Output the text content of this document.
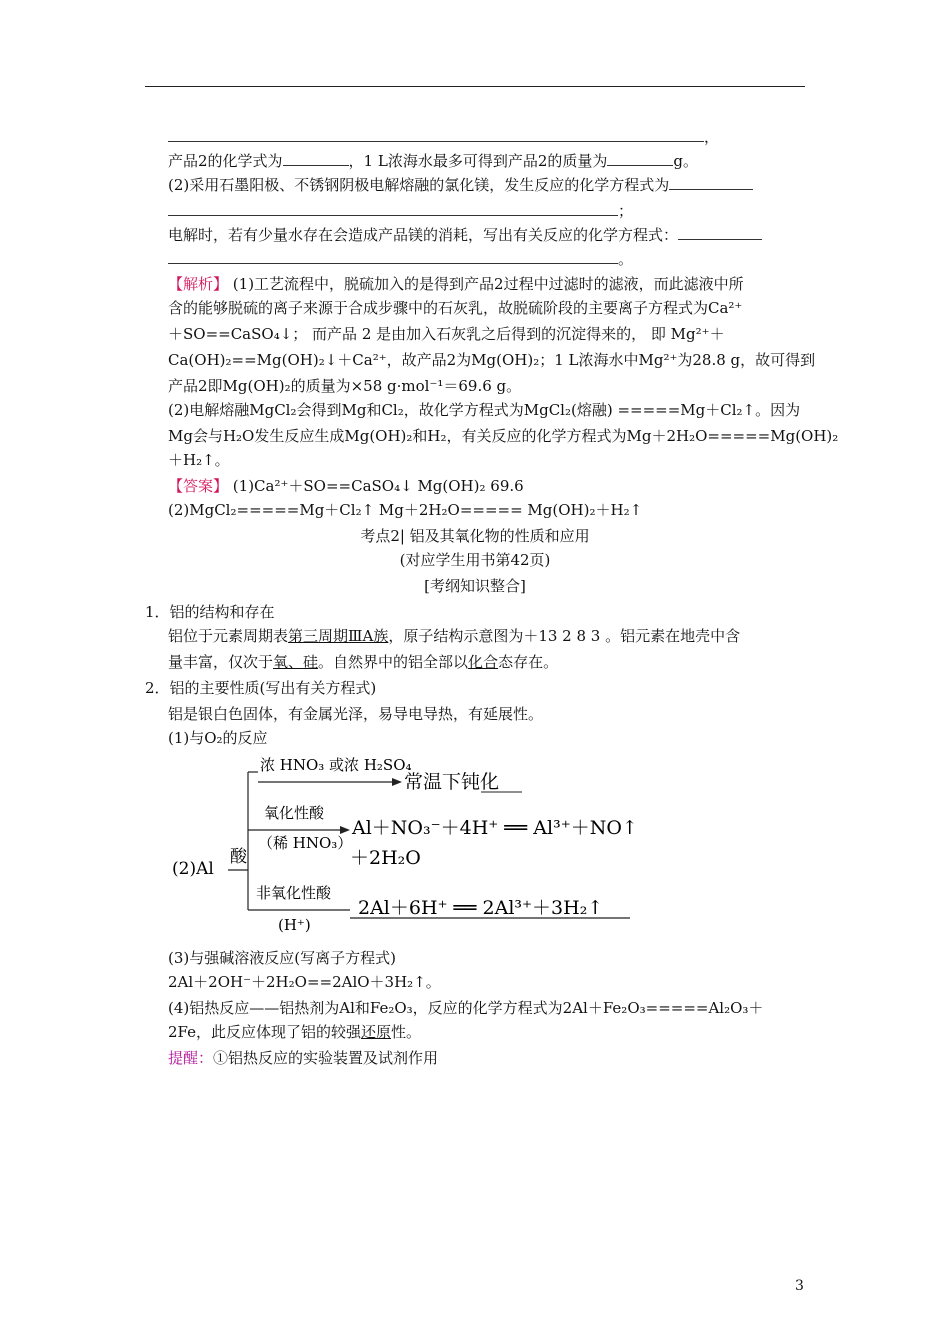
，
产品2的化学式为	，1 L浓海水最多可得到产品2的质量为	g。
(2)采用石墨阳极、不锈钢阴极电解熔融的氯化镁，发生反应的化学方程式为
；
电解时，若有少量水存在会造成产品镁的消耗，写出有关反应的化学方程式：
。
【解析】 (1)工艺流程中，脱硫加入的是得到产品2过程中过滤时的滤液，而此滤液中所
含的能够脱硫的离子来源于合成步骤中的石灰乳，故脱硫阶段的主要离子方程式为Ca²⁺
＋SO==CaSO₄↓； 而产品 2 是由加入石灰乳之后得到的沉淀得来的， 即 Mg²⁺＋
Ca(OH)₂==Mg(OH)₂↓＋Ca²⁺，故产品2为Mg(OH)₂；1 L浓海水中Mg²⁺为28.8 g，故可得到
产品2即Mg(OH)₂的质量为×58 g·mol⁻¹＝69.6 g。
(2)电解熔融MgCl₂会得到Mg和Cl₂，故化学方程式为MgCl₂(熔融) =====Mg＋Cl₂↑。因为
Mg会与H₂O发生反应生成Mg(OH)₂和H₂，有关反应的化学方程式为Mg＋2H₂O=====Mg(OH)₂
＋H₂↑。
【答案】 (1)Ca²⁺＋SO==CaSO₄↓ Mg(OH)₂ 69.6
(2)MgCl₂=====Mg＋Cl₂↑ Mg＋2H₂O===== Mg(OH)₂＋H₂↑
考点2| 铝及其氧化物的性质和应用
(对应学生用书第42页)
[考纲知识整合]
1．铝的结构和存在
铝位于元素周期表第三周期ⅢA族，原子结构示意图为＋13 2 8 3 。铝元素在地壳中含
量丰富，仅次于氧、硅。自然界中的铝全部以化合态存在。
2．铝的主要性质(写出有关方程式)
铝是银白色固体，有金属光泽，易导电导热，有延展性。
(1)与O₂的反应
浓 HNO₃ 或浓 H₂SO₄
常温下钝化
氧化性酸
（稀 HNO₃）
Al＋NO₃⁻＋4H⁺ ══ Al³⁺＋NO↑
＋2H₂O
(2)Al
酸
非氧化性酸
(H⁺)
2Al＋6H⁺ ══ 2Al³⁺＋3H₂↑
(3)与强碱溶液反应(写离子方程式)
2Al＋2OH⁻＋2H₂O==2AlO＋3H₂↑。
(4)铝热反应——铝热剂为Al和Fe₂O₃，反应的化学方程式为2Al＋Fe₂O₃=====Al₂O₃＋
2Fe，此反应体现了铝的较强还原性。
提醒：①铝热反应的实验装置及试剂作用
3
